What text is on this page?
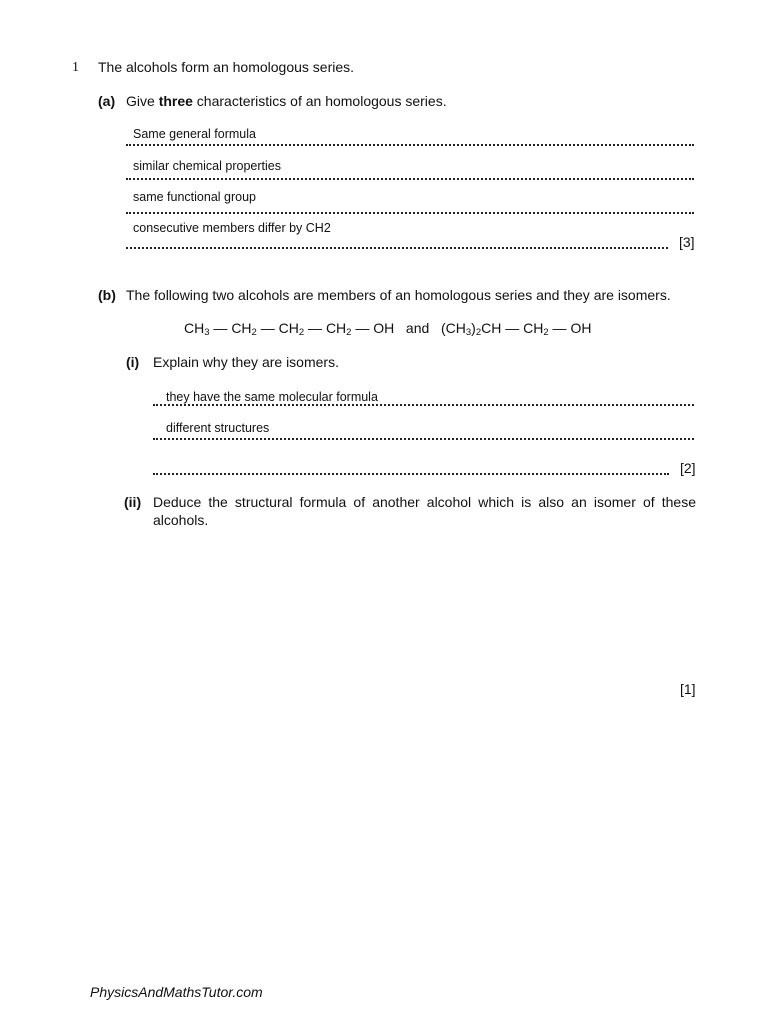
1 The alcohols form an homologous series.
(a) Give three characteristics of an homologous series.
Same general formula
similar chemical properties
same functional group
consecutive members differ by CH2
[3]
(b) The following two alcohols are members of an homologous series and they are isomers.
$CH_3$ — $CH_2$ — $CH_2$ — $CH_2$ — OH and $(CH_3)_2CH$ — $CH_2$ — OH
(i) Explain why they are isomers.
they have the same molecular formula
different structures
[2]
(ii) Deduce the structural formula of another alcohol which is also an isomer of these
alcohols.
[1]
PhysicsAndMathsTutor.com
